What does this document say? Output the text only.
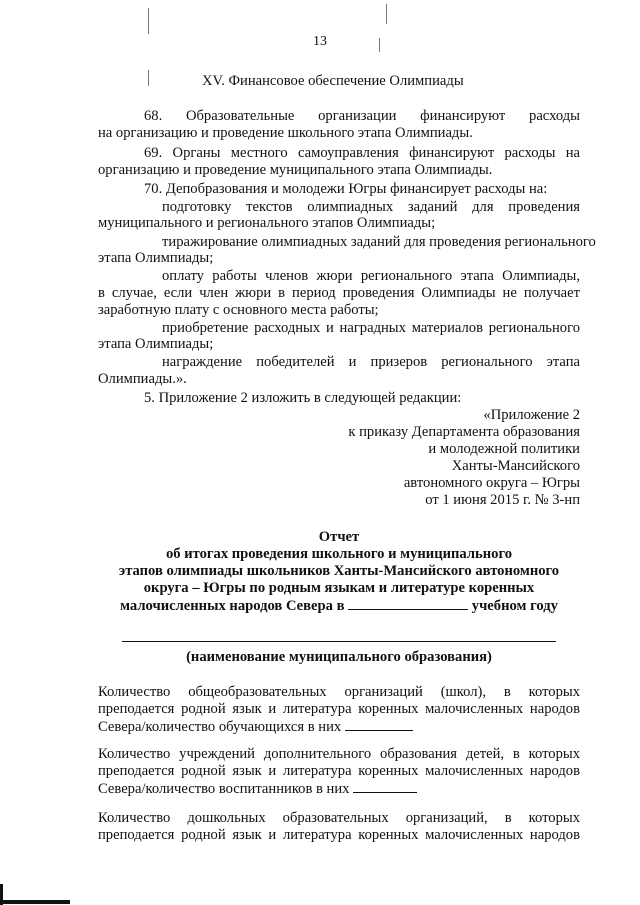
13
XV. Финансовое обеспечение Олимпиады
68. Образовательные организации финансируют расходы
на организацию и проведение школьного этапа Олимпиады.
69. Органы местного самоуправления финансируют расходы на
организацию и проведение муниципального этапа Олимпиады.
70. Депобразования и молодежи Югры финансирует расходы на:
подготовку текстов олимпиадных заданий для проведения
муниципального и регионального этапов Олимпиады;
тиражирование олимпиадных заданий для проведения регионального
этапа Олимпиады;
оплату работы членов жюри регионального этапа Олимпиады,
в случае, если член жюри в период проведения Олимпиады не получает
заработную плату с основного места работы;
приобретение расходных и наградных материалов регионального
этапа Олимпиады;
награждение победителей и призеров регионального этапа
Олимпиады.».
5. Приложение 2 изложить в следующей редакции:
«Приложение 2
к приказу Департамента образования
и молодежной политики
Ханты-Мансийского
автономного округа – Югры
от 1 июня 2015 г. № 3-нп
Отчет
об итогах проведения школьного и муниципального
этапов олимпиады школьников Ханты-Мансийского автономного
округа – Югры по родным языкам и литературе коренных
малочисленных народов Севера в	учебном году
(наименование муниципального образования)
Количество общеобразовательных организаций (школ), в которых
преподается родной язык и литература коренных малочисленных народов
Севера/количество обучающихся в них
Количество учреждений дополнительного образования детей, в которых
преподается родной язык и литература коренных малочисленных народов
Севера/количество воспитанников в них
Количество дошкольных образовательных организаций, в которых
преподается родной язык и литература коренных малочисленных народов
